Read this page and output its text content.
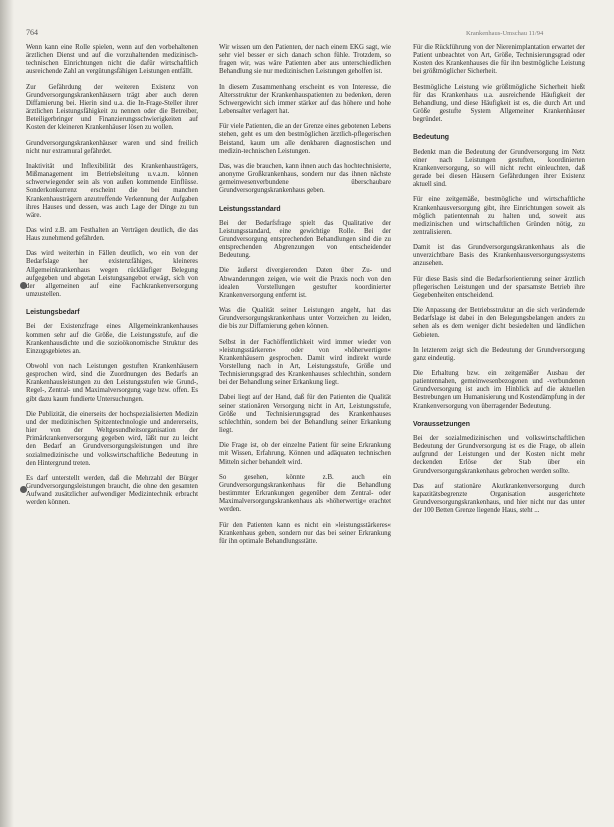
764	Krankenhaus-Umschau 11/94

Wenn kann eine Rolle spielen, wenn auf den vorbehaltenen ärztlichen Dienst und auf die vorzuhaltenden medizinisch-technischen Einrichtungen nicht die dafür wirtschaftlich ausreichende Zahl an vergütungsfähigen Leistungen entfällt.

Zur Gefährdung der weiteren Existenz von Grundversorgungskrankenhäusern trägt aber auch deren Diffamierung bei. Hierin sind u.a. die In-Frage-Steller ihrer ärztlichen Leistungsfähigkeit zu nennen oder die Betreiber, Beteiligerbringer und Finanzierungsschwierigkeiten auf Kosten der kleineren Krankenhäuser lösen zu wollen.

Grundversorgungskrankenhäuser waren und sind freilich nicht nur extramural gefährdet.

Inaktivität und Inflexibilität des Krankenhausträgers, Mißmanagement im Betriebsleitung u.v.a.m. können schwerwiegender sein als von außen kommende Einflüsse. Sonderkonkurrenz erscheint die bei manchen Krankenhausträgern anzutreffende Verkennung der Aufgaben ihres Hauses und dessen, was auch Lage der Dinge zu tun wäre.

Das wird z.B. am Festhalten an Verträgen deutlich, die das Haus zunehmend gefährden.

Das wird weiterhin in Fällen deutlich, wo ein von der Bedarfslage her existenzfähiges, kleineres Allgemeinkrankenhaus wegen rückläufiger Belegung aufgegeben und abgetan Leistungsangebot erwägt, sich von der allgemeinen auf eine Fachkrankenversorgung umzustellen.

Leistungsbedarf

Bei der Existenzfrage eines Allgemeinkrankenhauses kommen sehr auf die Größe, die Leistungsstufe, auf die Krankenhausdichte und die sozioökonomische Struktur des Einzugsgebietes an.

Obwohl von nach Leistungen gestuften Krankenhäusern gesprochen wird, sind die Zuordnungen des Bedarfs an Krankenhausleistungen zu den Leistungsstufen wie Grund-, Regel-, Zentral- und Maximalversorgung vage bzw. offen. Es gibt dazu kaum fundierte Untersuchungen.

Die Publizität, die einerseits der hochspezialisierten Medizin und der medizinischen Spitzentechnologie und andererseits, hier von der Weltgesundheitsorganisation der Primärkrankenversorgung gegeben wird, läßt nur zu leicht den Bedarf an Grundversorgungsleistungen und ihre sozialmedizinische und volkswirtschaftliche Bedeutung in den Hintergrund treten.

Es darf unterstellt werden, daß die Mehrzahl der Bürger Grundversorgungsleistungen braucht, die ohne den gesamten Aufwand zusätzlicher aufwendiger Medizintechnik erbracht werden können.

Wir wissen um den Patienten, der nach einem EKG sagt, wie sehr viel besser er sich danach schon fühle. Trotzdem, so fragen wir, was wäre Patienten aber aus unterschiedlichen Behandlung sie nur medizinischen Leistungen geholfen ist.

In diesem Zusammenhang erscheint es von Interesse, die Altersstruktur der Krankenhauspatienten zu bedenken, deren Schwergewicht sich immer stärker auf das höhere und hohe Lebensalter verlagert hat.

Für viele Patienten, die an der Grenze eines gebotenen Lebens stehen, geht es um den bestmöglichen ärztlich-pflegerischen Beistand, kaum um alle denkbaren diagnostischen und medizin-technischen Leistungen.

Das, was die brauchen, kann ihnen auch das hochtechnisierte, anonyme Großkrankenhaus, sondern nur das ihnen nächste gemeinwesenverbundene überschaubare Grundversorgungskrankenhaus geben.

Leistungsstandard

Bei der Bedarfsfrage spielt das Qualitative der Leistungsstandard, eine gewichtige Rolle. Bei der Grundversorgung entsprechenden Behandlungen sind die zu entsprechenden Abgrenzungen von entscheidender Bedeutung.

Die äußerst divergierenden Daten über Zu- und Abwanderungen zeigen, wie weit die Praxis noch von den idealen Vorstellungen gestufter koordinierter Krankenversorgung entfernt ist.

Was die Qualität seiner Leistungen angeht, hat das Grundversorgungskrankenhaus unter Vorzeichen zu leiden, die bis zur Diffamierung gehen können.

Selbst in der Fachöffentlichkeit wird immer wieder von »leistungsstärkeren« oder von »höherwertigen« Krankenhäusern gesprochen. Damit wird indirekt wurde Vorstellung nach in Art, Leistungsstufe, Größe und Technisierungsgrad des Krankenhauses schlechthin, sondern bei der Behandlung seiner Erkankung liegt.

Dabei liegt auf der Hand, daß für den Patienten die Qualität seiner stationären Versorgung nicht in Art, Leistungsstufe, Größe und Technisierungsgrad des Krankenhauses schlechthin, sondern bei der Behandlung seiner Erkankung liegt.

Die Frage ist, ob der einzelne Patient für seine Erkrankung mit Wissen, Erfahrung, Können und adäquaten technischen Mitteln sicher behandelt wird.

So gesehen, könnte z.B. auch ein Grundversorgungskrankenhaus für die Behandlung bestimmter Erkrankungen gegenüber dem Zentral- oder Maximalversorgungskrankenhaus als »höherwertig« erachtet werden.

Für den Patienten kann es nicht ein »leistungsstärkeres« Krankenhaus geben, sondern nur das bei seiner Erkrankung für ihn optimale Behandlungsstätte.

Für die Rückführung von der Nierenimplantation erwartet der Patient unbeachtet von Art, Größe, Technisierungsgrad oder Kosten des Krankenhauses die für ihn bestmögliche Leistung bei größtmöglicher Sicherheit.

Bestmögliche Leistung wie größtmögliche Sicherheit hießt für das Krankenhaus u.a. ausreichende Häufigkeit der Behandlung, und diese Häufigkeit ist es, die durch Art und Größe gestufte System Allgemeiner Krankenhäuser begründet.

Bedeutung

Bedenkt man die Bedeutung der Grundversorgung im Netz einer nach Leistungen gestuften, koordinierten Krankenversorgung, so will nicht recht einleuchten, daß gerade bei diesen Häusern Gefährdungen ihrer Existenz aktuell sind.

Für eine zeitgemäße, bestmögliche und wirtschaftliche Krankenhausversorgung gibt, ihre Einrichtungen soweit als möglich patientennah zu halten und, soweit aus medizinischen und wirtschaftlichen Gründen nötig, zu zentralisieren.

Damit ist das Grundversorgungskrankenhaus als die unverzichtbare Basis des Krankenhausversorgungssystems anzusehen.

Für diese Basis sind die Bedarfsorientierung seiner ärztlich pflegerischen Leistungen und der sparsamste Betrieb ihre Gegebenheiten entscheidend.

Die Anpassung der Betriebsstruktur an die sich verändernde Bedarfslage ist dabei in den Belegungsbelangen anders zu sehen als es dem weniger dicht besiedelten und ländlichen Gebieten.

In letzterem zeigt sich die Bedeutung der Grundversorgung ganz eindeutig.

Die Erhaltung bzw. ein zeitgemäßer Ausbau der patientennahen, gemeinwesenbezogenen und -verbundenen Grundversorgung ist auch im Hinblick auf die aktuellen Bestrebungen um Humanisierung und Kostendämpfung in der Krankenversorgung von überragender Bedeutung.

Voraussetzungen

Bei der sozialmedizinischen und volkswirtschaftlichen Bedeutung der Grundversorgung ist es die Frage, ob allein aufgrund der Leistungen und der Kosten nicht mehr deckenden Erlöse der Stab über ein Grundversorgungskrankenhaus gebrochen werden sollte.

Das auf stationäre Akutkrankenversorgung durch kapazitätsbegrenzte Organisation ausgerichtete Grundversorgungskrankenhaus, und hier nicht nur das unter der 100 Betten Grenze liegende Haus, steht ...
